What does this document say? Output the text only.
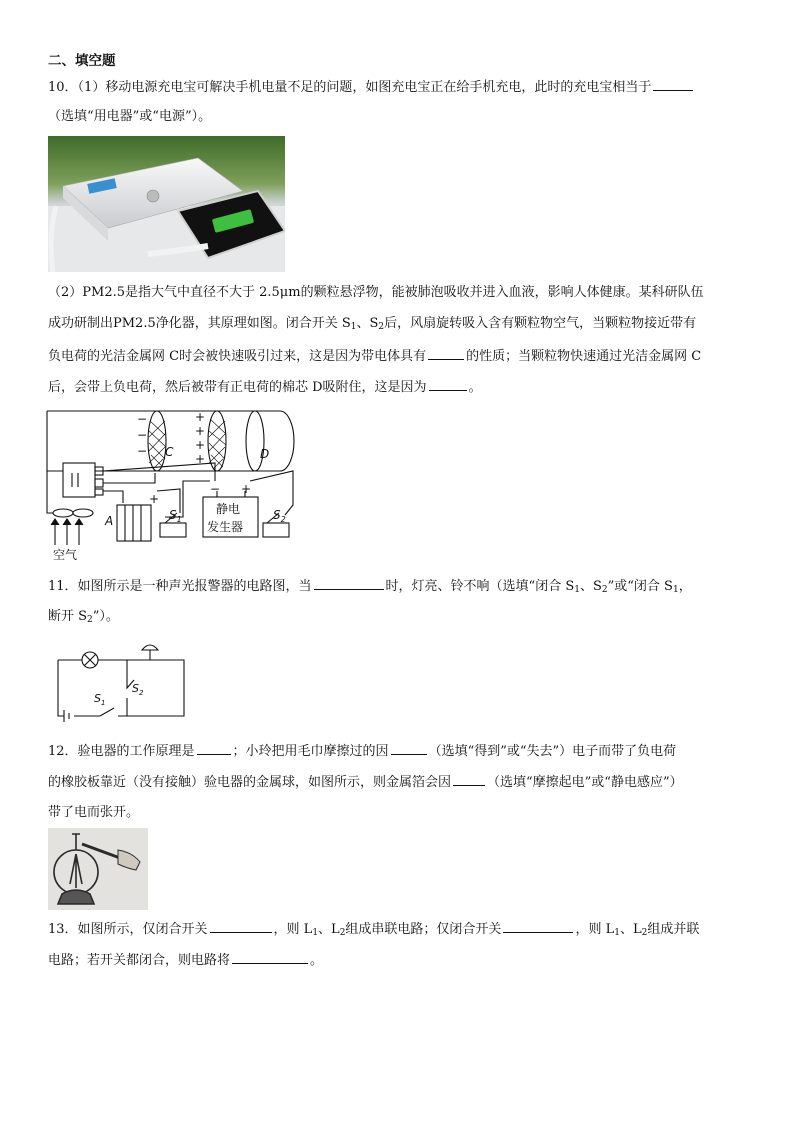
二、填空题
10．（1）移动电源充电宝可解决手机电量不足的问题，如图充电宝正在给手机充电，此时的充电宝相当于
（选填“用电器”或“电源”）。
（2）PM2.5是指大气中直径不大于 2.5μm的颗粒悬浮物，能被肺泡吸收并进入血液，影响人体健康。某科研队伍
成功研制出PM2.5净化器，其原理如图。闭合开关 $S_1$、$S_2$后，风扇旋转吸入含有颗粒物空气，当颗粒物接近带有
负电荷的光洁金属网 C时会被快速吸引过来，这是因为带电体具有	的性质；当颗粒物快速通过光洁金属网 C
后，会带上负电荷，然后被带有正电荷的棉芯 D吸附住，这是因为	。
−
−
−
+
+
+
+
− +
+
C	D
A	$S_1$	$S_2$
静电
发生器
空气
11．如图所示是一种声光报警器的电路图，当	时，灯亮、铃不响（选填“闭合 $S_1$、$S_2$”或“闭合 $S_1$，
断开 $S_2$”）。
$S_1$
$S_2$
12．验电器的工作原理是	；小玲把用毛巾摩擦过的因	（选填“得到”或“失去”）电子而带了负电荷
的橡胶板靠近（没有接触）验电器的金属球，如图所示，则金属箔会因	（选填“摩擦起电”或“静电感应”）
带了电而张开。
13．如图所示，仅闭合开关	，则 $L_1$、$L_2$组成串联电路；仅闭合开关	，则 $L_1$、$L_2$组成并联
电路；若开关都闭合，则电路将	。
